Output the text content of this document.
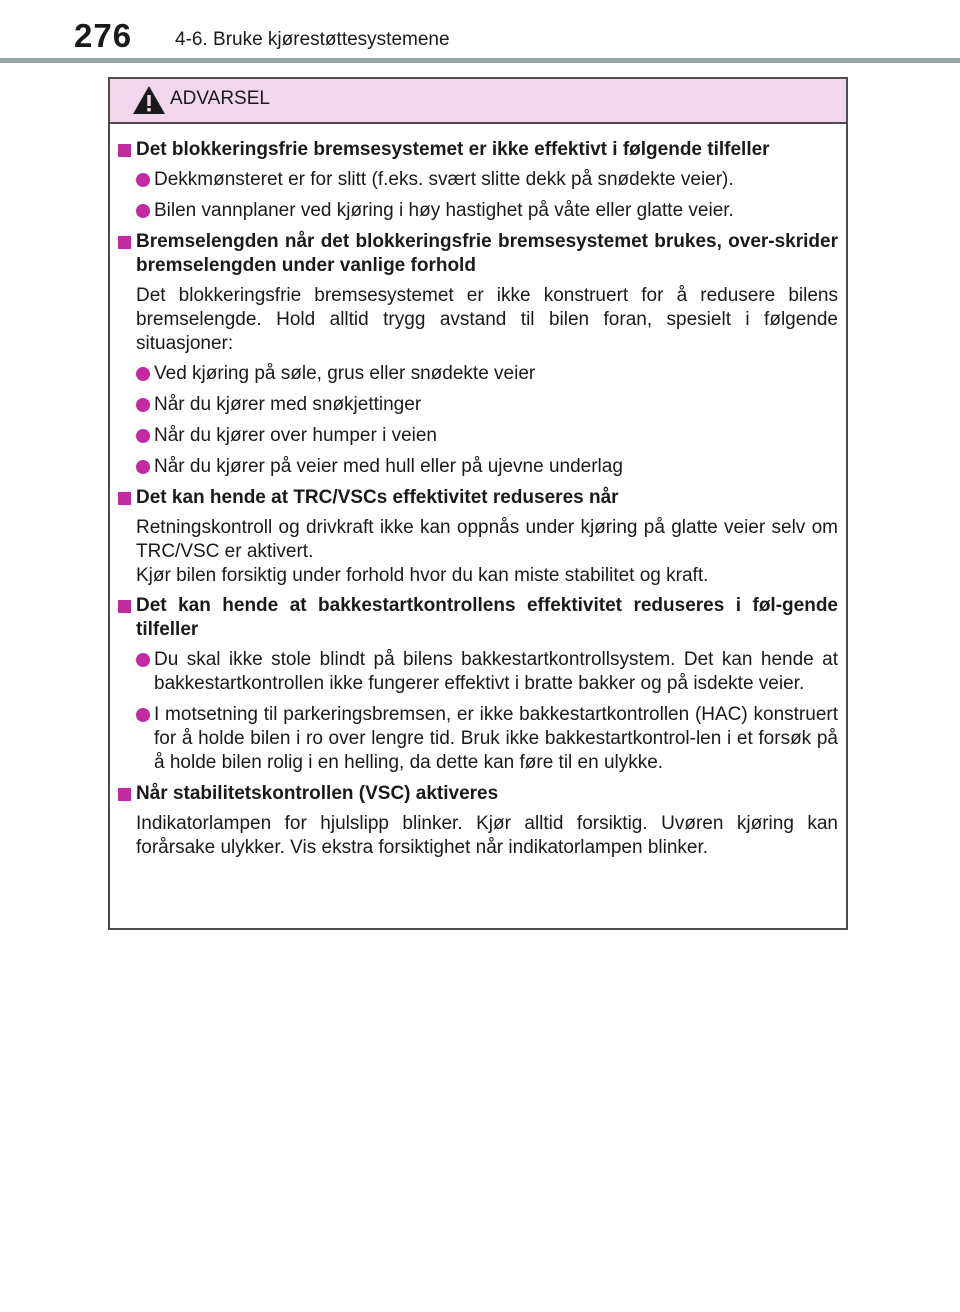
276 4-6. Bruke kjørestøttesystemene
ADVARSEL
Det blokkeringsfrie bremsesystemet er ikke effektivt i følgende tilfeller
Dekkmønsteret er for slitt (f.eks. svært slitte dekk på snødekte veier).
Bilen vannplaner ved kjøring i høy hastighet på våte eller glatte veier.
Bremselengden når det blokkeringsfrie bremsesystemet brukes, over-skrider bremselengden under vanlige forhold
Det blokkeringsfrie bremsesystemet er ikke konstruert for å redusere bilens bremselengde. Hold alltid trygg avstand til bilen foran, spesielt i følgende situasjoner:
Ved kjøring på søle, grus eller snødekte veier
Når du kjører med snøkjettinger
Når du kjører over humper i veien
Når du kjører på veier med hull eller på ujevne underlag
Det kan hende at TRC/VSCs effektivitet reduseres når
Retningskontroll og drivkraft ikke kan oppnås under kjøring på glatte veier selv om TRC/VSC er aktivert.
Kjør bilen forsiktig under forhold hvor du kan miste stabilitet og kraft.
Det kan hende at bakkestartkontrollens effektivitet reduseres i føl-gende tilfeller
Du skal ikke stole blindt på bilens bakkestartkontrollsystem. Det kan hende at bakkestartkontrollen ikke fungerer effektivt i bratte bakker og på isdekte veier.
I motsetning til parkeringsbremsen, er ikke bakkestartkontrollen (HAC) konstruert for å holde bilen i ro over lengre tid. Bruk ikke bakkestartkontrol-len i et forsøk på å holde bilen rolig i en helling, da dette kan føre til en ulykke.
Når stabilitetskontrollen (VSC) aktiveres
Indikatorlampen for hjulslipp blinker. Kjør alltid forsiktig. Uvøren kjøring kan forårsake ulykker. Vis ekstra forsiktighet når indikatorlampen blinker.
